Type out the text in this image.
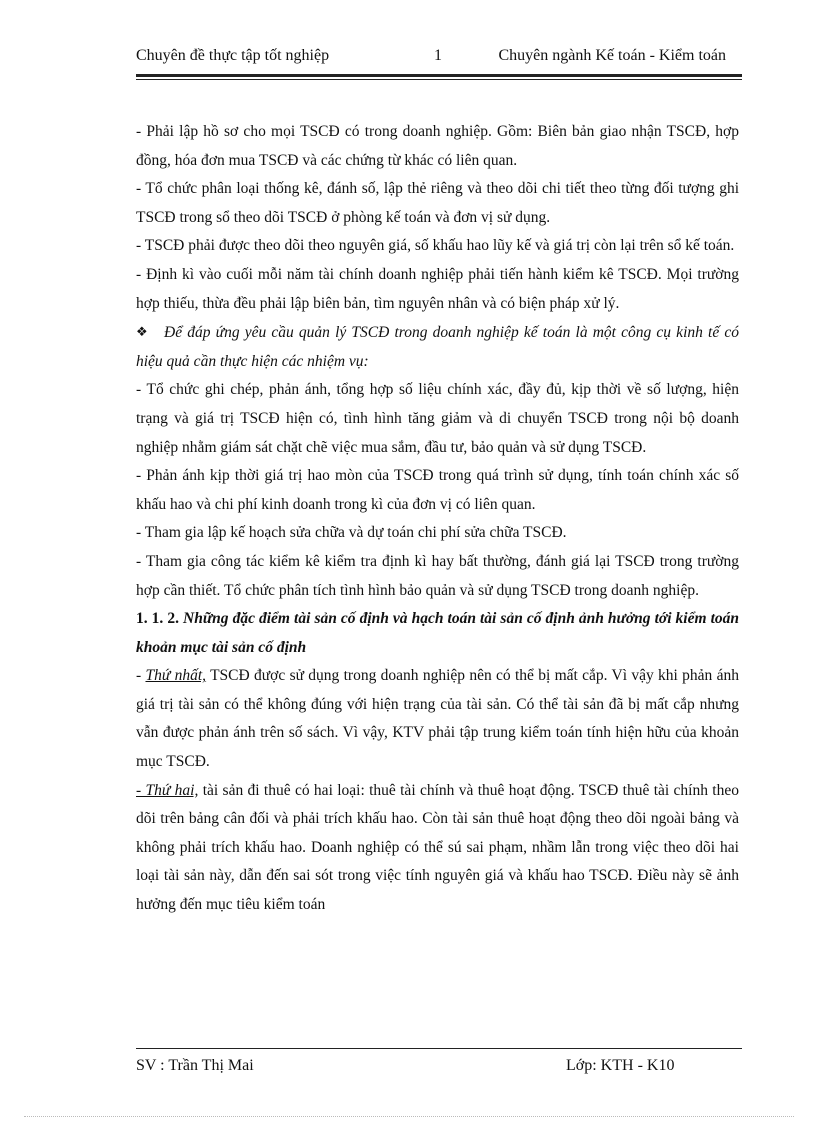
Chuyên đề thực tập tốt nghiệp	1	Chuyên ngành Kế toán - Kiểm toán

- Phải lập hồ sơ cho mọi TSCĐ có trong doanh nghiệp. Gồm: Biên bản giao nhận TSCĐ, hợp đồng, hóa đơn mua TSCĐ và các chứng từ khác có liên quan.

- Tổ chức phân loại thống kê, đánh số, lập thẻ riêng và theo dõi chi tiết theo từng đối tượng ghi TSCĐ trong sổ theo dõi TSCĐ ở phòng kế toán và đơn vị sử dụng.

- TSCĐ phải được theo dõi theo nguyên giá, số khấu hao lũy kế và giá trị còn lại trên sổ kế toán.

- Định kì vào cuối mỗi năm tài chính doanh nghiệp phải tiến hành kiểm kê TSCĐ. Mọi trường hợp thiếu, thừa đều phải lập biên bản, tìm nguyên nhân và có biện pháp xử lý.

❖ Để đáp ứng yêu cầu quản lý TSCĐ trong doanh nghiệp kế toán là một công cụ kinh tế có hiệu quả cần thực hiện các nhiệm vụ:

- Tổ chức ghi chép, phản ánh, tổng hợp số liệu chính xác, đầy đủ, kịp thời về số lượng, hiện trạng và giá trị TSCĐ hiện có, tình hình tăng giảm và di chuyển TSCĐ trong nội bộ doanh nghiệp nhằm giám sát chặt chẽ việc mua sắm, đầu tư, bảo quản và sử dụng TSCĐ.

- Phản ánh kịp thời giá trị hao mòn của TSCĐ trong quá trình sử dụng, tính toán chính xác số khấu hao và chi phí kinh doanh trong kì của đơn vị có liên quan.

- Tham gia lập kế hoạch sửa chữa và dự toán chi phí sửa chữa TSCĐ.

- Tham gia công tác kiểm kê kiểm tra định kì hay bất thường, đánh giá lại TSCĐ trong trường hợp cần thiết. Tổ chức phân tích tình hình bảo quản và sử dụng TSCĐ trong doanh nghiệp.

1. 1. 2. Những đặc điểm tài sản cố định và hạch toán tài sản cố định ảnh hưởng tới kiểm toán khoản mục tài sản cố định

- Thứ nhất, TSCĐ được sử dụng trong doanh nghiệp nên có thể bị mất cắp. Vì vậy khi phản ánh giá trị tài sản có thể không đúng với hiện trạng của tài sản. Có thể tài sản đã bị mất cắp nhưng vẫn được phản ánh trên số sách. Vì vậy, KTV phải tập trung kiểm toán tính hiện hữu của khoản mục TSCĐ.

- Thứ hai, tài sản đi thuê có hai loại: thuê tài chính và thuê hoạt động. TSCĐ thuê tài chính theo dõi trên bảng cân đối và phải trích khấu hao. Còn tài sản thuê hoạt động theo dõi ngoài bảng và không phải trích khấu hao. Doanh nghiệp có thể sú sai phạm, nhầm lẫn trong việc theo dõi hai loại tài sản này, dẫn đến sai sót trong việc tính nguyên giá và khấu hao TSCĐ. Điều này sẽ ảnh hưởng đến mục tiêu kiểm toán

SV : Trần Thị Mai	Lớp: KTH - K10
